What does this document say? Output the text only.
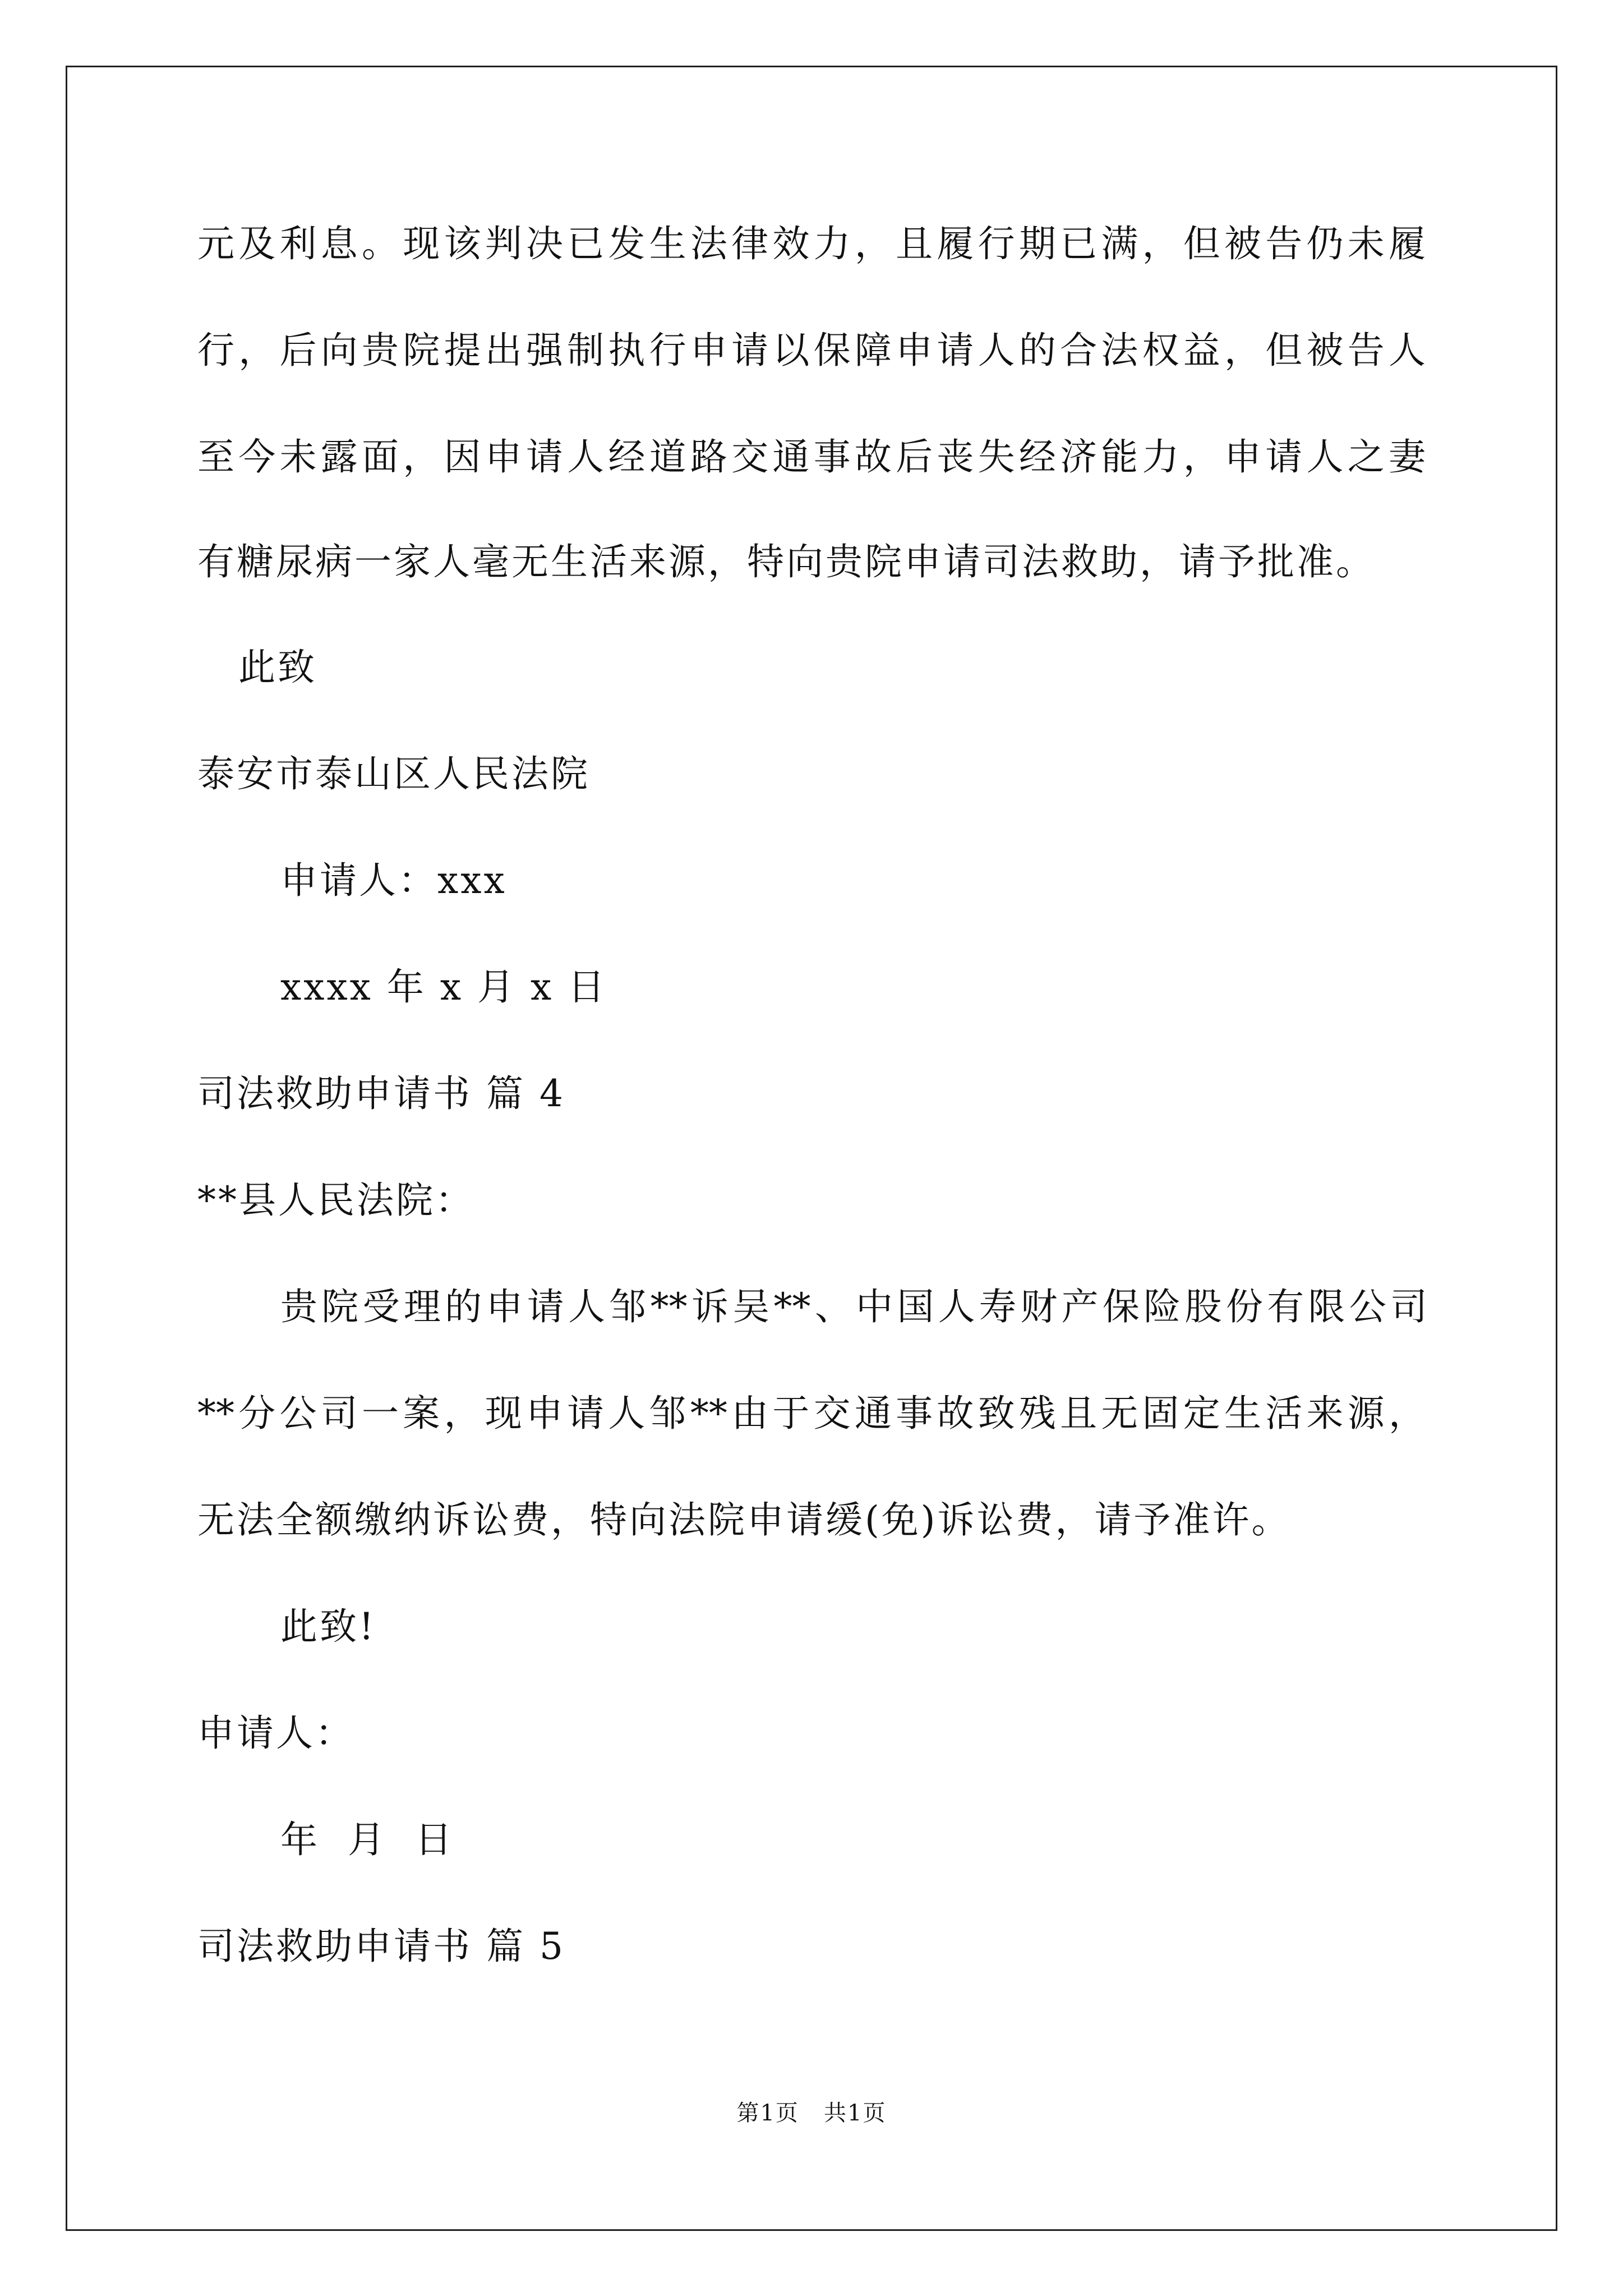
元及利息。现该判决已发生法律效力，且履行期已满，但被告仍未履
行，后向贵院提出强制执行申请以保障申请人的合法权益，但被告人
至今未露面，因申请人经道路交通事故后丧失经济能力，申请人之妻
有糖尿病一家人毫无生活来源，特向贵院申请司法救助，请予批准。
此致
泰安市泰山区人民法院
申请人：xxx
xxxx 年 x 月 x 日
司法救助申请书 篇 4
**县人民法院：
贵院受理的申请人邹**诉吴**、中国人寿财产保险股份有限公司
**分公司一案，现申请人邹**由于交通事故致残且无固定生活来源，
无法全额缴纳诉讼费，特向法院申请缓(免)诉讼费，请予准许。
此致!
申请人：
年  月  日
司法救助申请书 篇 5
第1页   共1页
